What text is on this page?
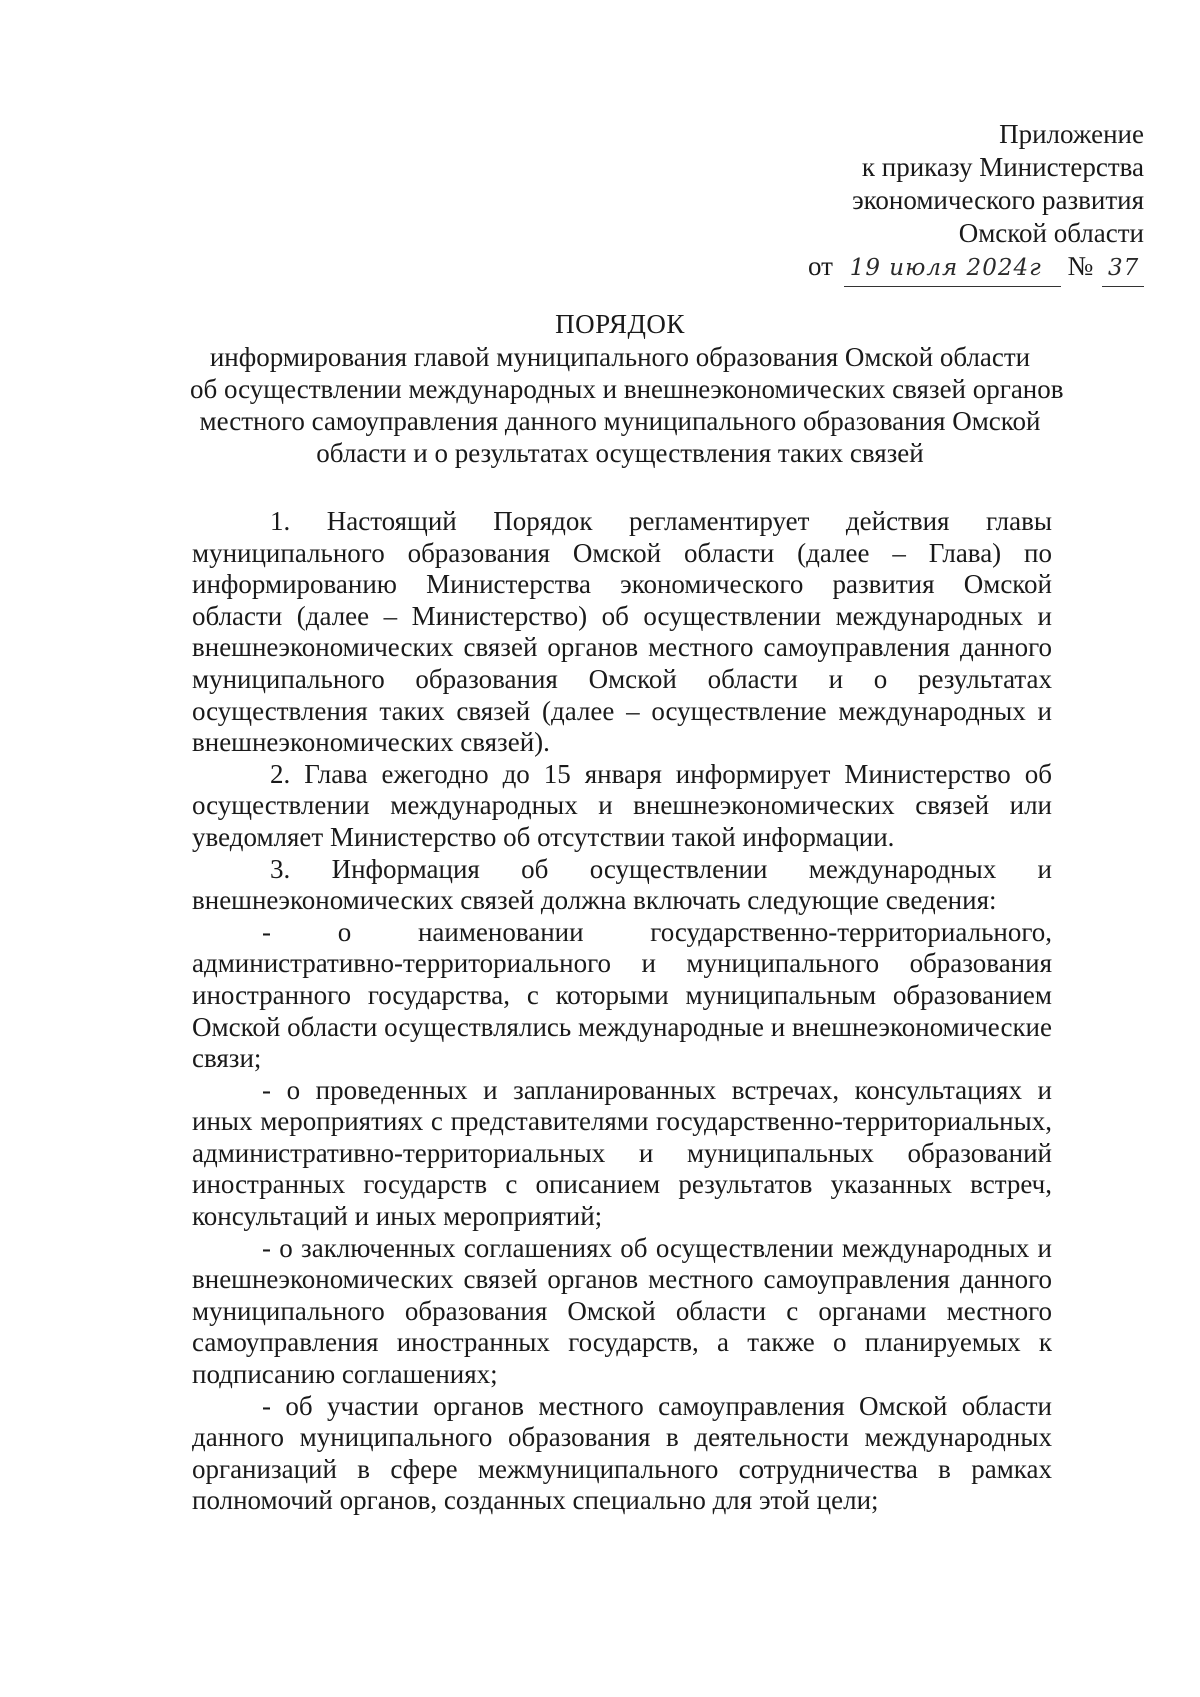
Приложение
к приказу Министерства
экономического развития
Омской области
от 19 июля 2024г № 37
ПОРЯДОК
информирования главой муниципального образования Омской области
об осуществлении международных и внешнеэкономических связей органов
местного самоуправления данного муниципального образования Омской
области и о результатах осуществления таких связей

1. Настоящий Порядок регламентирует действия главы муниципального образования Омской области (далее – Глава) по информированию Министерства экономического развития Омской области (далее – Министерство) об осуществлении международных и внешнеэкономических связей органов местного самоуправления данного муниципального образования Омской области и о результатах осуществления таких связей (далее – осуществление международных и внешнеэкономических связей).

2. Глава ежегодно до 15 января информирует Министерство об осуществлении международных и внешнеэкономических связей или уведомляет Министерство об отсутствии такой информации.

3. Информация об осуществлении международных и внешнеэкономических связей должна включать следующие сведения:

- о наименовании государственно-территориального, административно-территориального и муниципального образования иностранного государства, с которыми муниципальным образованием Омской области осуществлялись международные и внешнеэкономические связи;

- о проведенных и запланированных встречах, консультациях и иных мероприятиях с представителями государственно-территориальных, административно-территориальных и муниципальных образований иностранных государств с описанием результатов указанных встреч, консультаций и иных мероприятий;

- о заключенных соглашениях об осуществлении международных и внешнеэкономических связей органов местного самоуправления данного муниципального образования Омской области с органами местного самоуправления иностранных государств, а также о планируемых к подписанию соглашениях;

- об участии органов местного самоуправления Омской области данного муниципального образования в деятельности международных организаций в сфере межмуниципального сотрудничества в рамках полномочий органов, созданных специально для этой цели;
